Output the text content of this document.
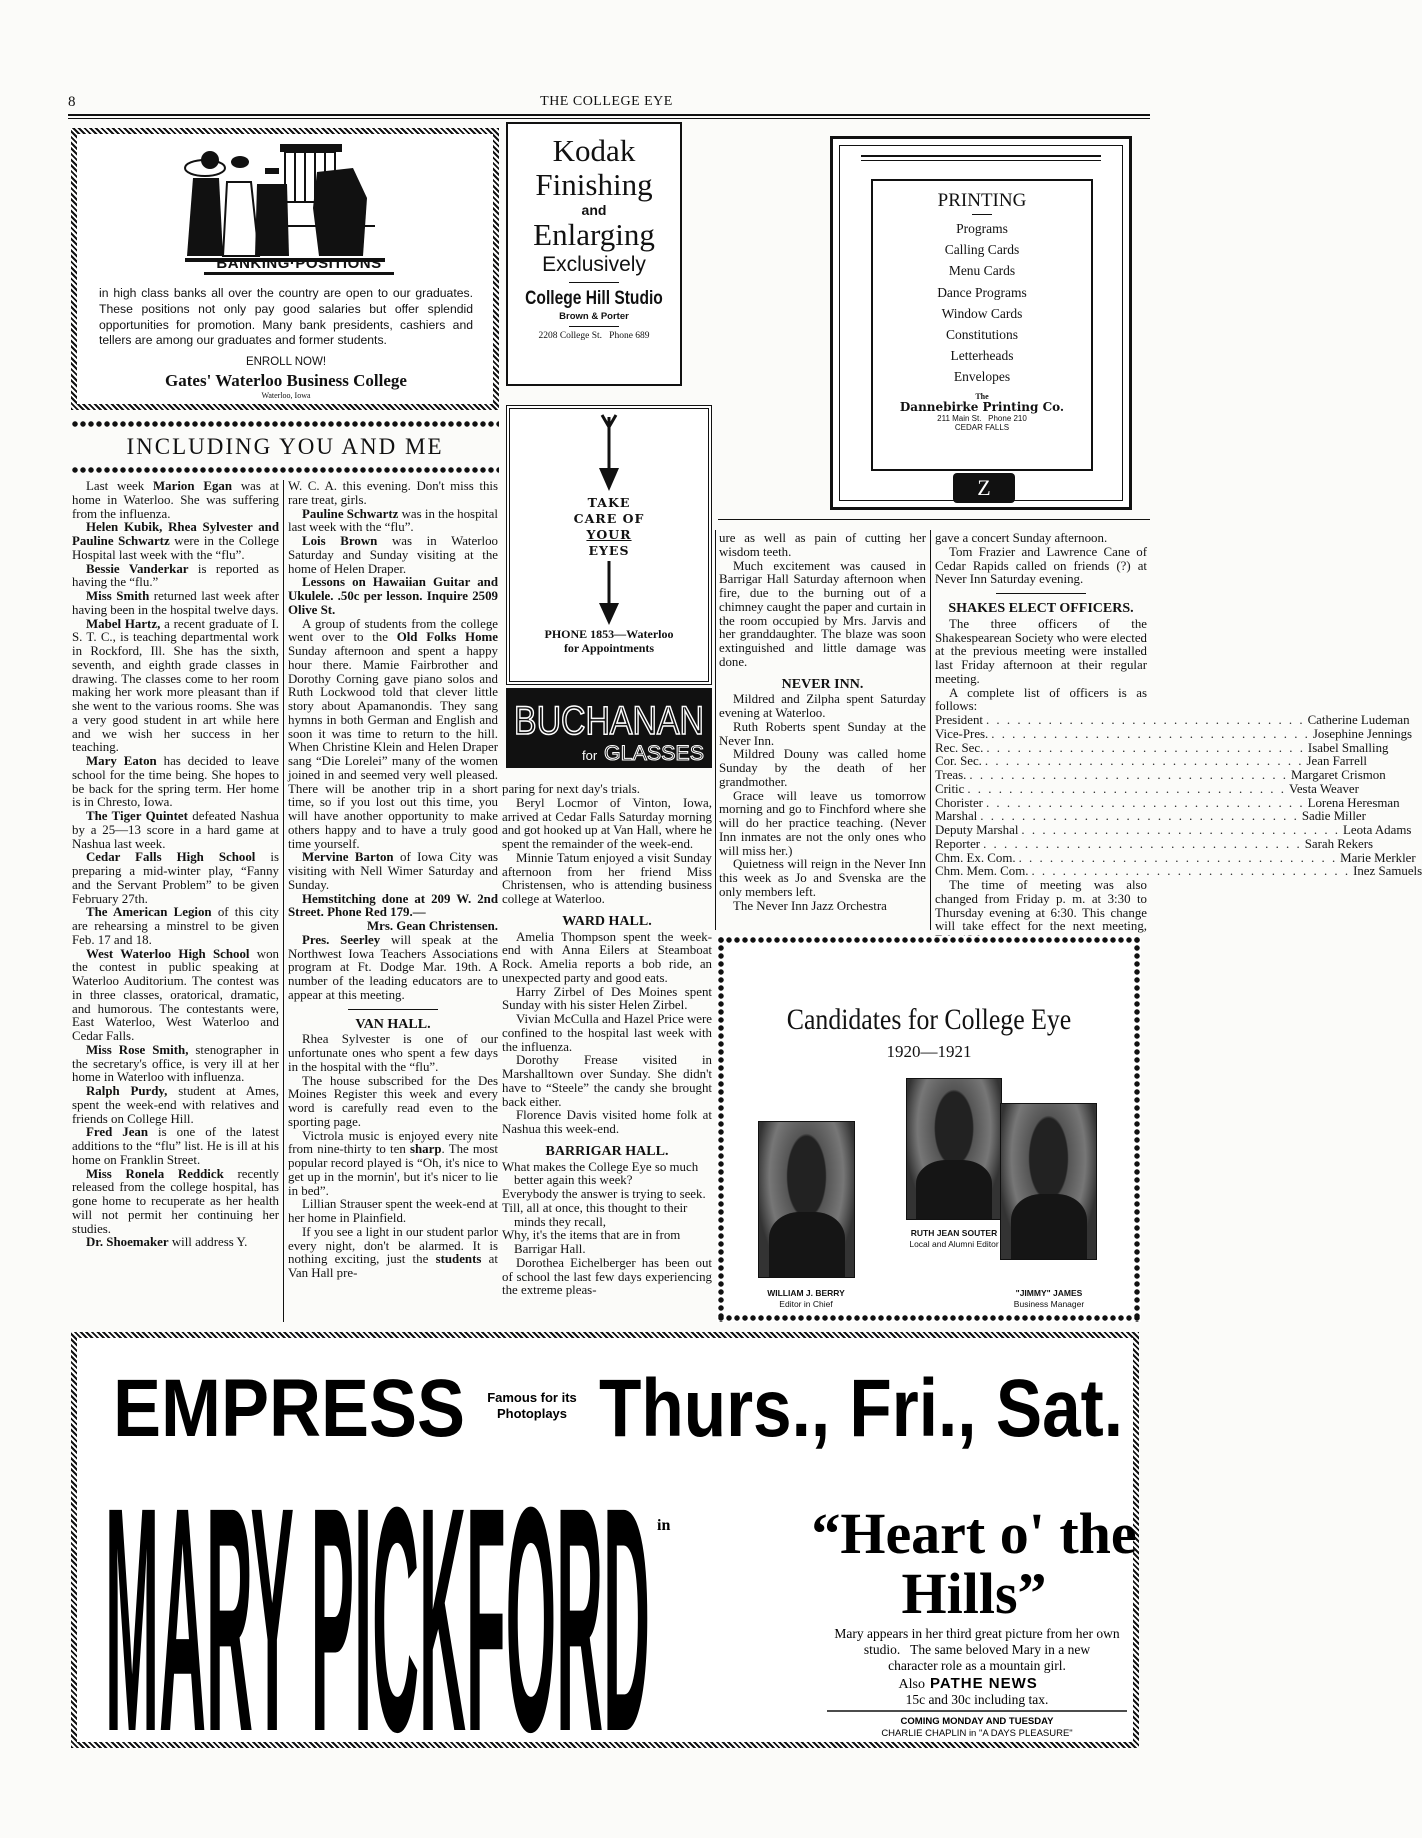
8	THE COLLEGE EYE
BANKING·POSITIONS
in high class banks all over the country are open to our graduates. These positions not only pay good salaries but offer splendid opportunities for promotion. Many bank presidents, cashiers and tellers are among our graduates and former students.
ENROLL NOW!
Gates' Waterloo Business College
Waterloo, Iowa
Kodak
Finishing
and
Enlarging
Exclusively
College Hill Studio
Brown & Porter
2208 College St.   Phone 689
Z
PRINTING
Programs
Calling Cards
Menu Cards
Dance Programs
Window Cards
Constitutions
Letterheads
Envelopes
The
Dannebirke Printing Co.
211 Main St.   Phone 210
CEDAR FALLS
TAKE
CARE OF
YOUR
EYES
PHONE 1853—Waterloo
for Appointments
BUCHANAN
for GLASSES
INCLUDING YOU AND ME

Last week Marion Egan was at home in Waterloo. She was suffering from the influenza.

Helen Kubik, Rhea Sylvester and Pauline Schwartz were in the College Hospital last week with the “flu”.

Bessie Vanderkar is reported as having the “flu.”

Miss Smith returned last week after having been in the hospital twelve days.

Mabel Hartz, a recent graduate of I. S. T. C., is teaching departmental work in Rockford, Ill. She has the sixth, seventh, and eighth grade classes in drawing. The classes come to her room making her work more pleasant than if she went to the various rooms. She was a very good student in art while here and we wish her success in her teaching.

Mary Eaton has decided to leave school for the time being. She hopes to be back for the spring term. Her home is in Chresto, Iowa.

The Tiger Quintet defeated Nashua by a 25—13 score in a hard game at Nashua last week.

Cedar Falls High School is preparing a mid-winter play, “Fanny and the Servant Problem” to be given February 27th.

The American Legion of this city are rehearsing a minstrel to be given Feb. 17 and 18.

West Waterloo High School won the contest in public speaking at Waterloo Auditorium. The contest was in three classes, oratorical, dramatic, and humorous. The contestants were, East Waterloo, West Waterloo and Cedar Falls.

Miss Rose Smith, stenographer in the secretary's office, is very ill at her home in Waterloo with influenza.

Ralph Purdy, student at Ames, spent the week-end with relatives and friends on College Hill.

Fred Jean is one of the latest additions to the “flu” list. He is ill at his home on Franklin Street.

Miss Ronela Reddick recently released from the college hospital, has gone home to recuperate as her health will not permit her continuing her studies.

Dr. Shoemaker will address Y.

W. C. A. this evening. Don't miss this rare treat, girls.

Pauline Schwartz was in the hospital last week with the “flu”.

Lois Brown was in Waterloo Saturday and Sunday visiting at the home of Helen Draper.

Lessons on Hawaiian Guitar and Ukulele. .50c per lesson. Inquire 2509 Olive St.

A group of students from the college went over to the Old Folks Home Sunday afternoon and spent a happy hour there. Mamie Fairbrother and Dorothy Corning gave piano solos and Ruth Lockwood told that clever little story about Apamanondis. They sang hymns in both German and English and soon it was time to return to the hill. When Christine Klein and Helen Draper sang “Die Lorelei” many of the women joined in and seemed very well pleased. There will be another trip in a short time, so if you lost out this time, you will have another opportunity to make others happy and to have a truly good time yourself.

Mervine Barton of Iowa City was visiting with Nell Wimer Saturday and Sunday.

Hemstitching done at 209 W. 2nd Street. Phone Red 179.—

Mrs. Gean Christensen.

Pres. Seerley will speak at the Northwest Iowa Teachers Associations program at Ft. Dodge Mar. 19th. A number of the leading educators are to appear at this meeting.

VAN HALL.

Rhea Sylvester is one of our unfortunate ones who spent a few days in the hospital with the “flu”.

The house subscribed for the Des Moines Register this week and every word is carefully read even to the sporting page.

Victrola music is enjoyed every nite from nine-thirty to ten sharp. The most popular record played is “Oh, it's nice to get up in the mornin', but it's nicer to lie in bed”.

Lillian Strauser spent the week-end at her home in Plainfield.

If you see a light in our student parlor every night, don't be alarmed. It is nothing exciting, just the students at Van Hall pre-

paring for next day's trials.

Beryl Locmor of Vinton, Iowa, arrived at Cedar Falls Saturday morning and got hooked up at Van Hall, where he spent the remainder of the week-end.

Minnie Tatum enjoyed a visit Sunday afternoon from her friend Miss Christensen, who is attending business college at Waterloo.

WARD HALL.

Amelia Thompson spent the week-end with Anna Eilers at Steamboat Rock. Amelia reports a bob ride, an unexpected party and good eats.

Harry Zirbel of Des Moines spent Sunday with his sister Helen Zirbel.

Vivian McCulla and Hazel Price were confined to the hospital last week with the influenza.

Dorothy Frease visited in Marshalltown over Sunday. She didn't have to “Steele” the candy she brought back either.

Florence Davis visited home folk at Nashua this week-end.

BARRIGAR HALL.
What makes the College Eye so much better again this week?
Everybody the answer is trying to seek.
Till, all at once, this thought to their minds they recall,
Why, it's the items that are in from Barrigar Hall.

Dorothea Eichelberger has been out of school the last few days experiencing the extreme pleas-

ure as well as pain of cutting her wisdom teeth.

Much excitement was caused in Barrigar Hall Saturday afternoon when fire, due to the burning out of a chimney caught the paper and curtain in the room occupied by Mrs. Jarvis and her granddaughter. The blaze was soon extinguished and little damage was done.

NEVER INN.

Mildred and Zilpha spent Saturday evening at Waterloo.

Ruth Roberts spent Sunday at the Never Inn.

Mildred Douny was called home Sunday by the death of her grandmother.

Grace will leave us tomorrow morning and go to Finchford where she will do her practice teaching. (Never Inn inmates are not the only ones who will miss her.)

Quietness will reign in the Never Inn this week as Jo and Svenska are the only members left.

The Never Inn Jazz Orchestra

gave a concert Sunday afternoon.

Tom Frazier and Lawrence Cane of Cedar Rapids called on friends (?) at Never Inn Saturday evening.

SHAKES ELECT OFFICERS.

The three officers of the Shakespearean Society who were elected at the previous meeting were installed last Friday afternoon at their regular meeting.

A complete list of officers is as follows:

President . . .	Catherine Ludeman
Vice-Pres. . . .	Josephine Jennings
Rec. Sec. . . .	Isabel Smalling
Cor. Sec. . . .	Jean Farrell
Treas. . . .	Margaret Crismon
Critic . . .	Vesta Weaver
Chorister . . .	Lorena Heresman
Marshal . . .	Sadie Miller
Deputy Marshal . . .	Leota Adams
Reporter . . .	Sarah Rekers
Chm. Ex. Com. . . .	Marie Merkler
Chm. Mem. Com. . . .	Inez Samuels

The time of meeting was also changed from Friday p. m. at 3:30 to Thursday evening at 6:30. This change will take effect for the next meeting,

Candidates for College Eye
1920—1921
WILLIAM J. BERRY
Editor in Chief
RUTH JEAN SOUTER
Local and Alumni Editor
"JIMMY" JAMES
Business Manager
EMPRESS Famous for its
Photoplays Thurs., Fri., Sat.
MARY PICKFORD in “Heart o' the
Hills”
Mary appears in her third great picture from her own
studio.   The same beloved Mary in a new
character role as a mountain girl.
Also PATHE NEWS
15c and 30c including tax.
COMING MONDAY AND TUESDAY
CHARLIE CHAPLIN in "A DAYS PLEASURE"
